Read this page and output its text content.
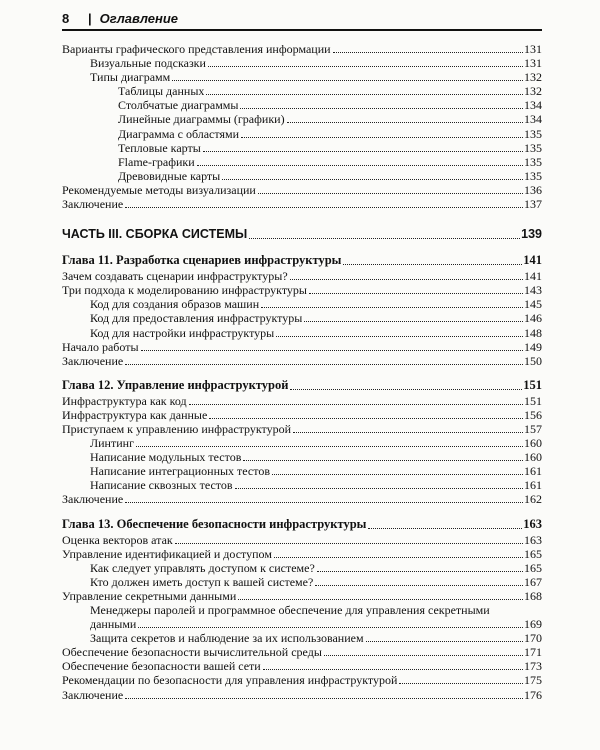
8	| Оглавление
Варианты графического представления информации	131
Визуальные подсказки	131
Типы диаграмм	132
Таблицы данных	132
Столбчатые диаграммы	134
Линейные диаграммы (графики)	134
Диаграмма с областями	135
Тепловые карты	135
Flame-графики	135
Древовидные карты	135
Рекомендуемые методы визуализации	136
Заключение	137
ЧАСТЬ III. СБОРКА СИСТЕМЫ	139
Глава 11. Разработка сценариев инфраструктуры	141
Зачем создавать сценарии инфраструктуры?	141
Три подхода к моделированию инфраструктуры	143
Код для создания образов машин	145
Код для предоставления инфраструктуры	146
Код для настройки инфраструктуры	148
Начало работы	149
Заключение	150
Глава 12. Управление инфраструктурой	151
Инфраструктура как код	151
Инфраструктура как данные	156
Приступаем к управлению инфраструктурой	157
Линтинг	160
Написание модульных тестов	160
Написание интеграционных тестов	161
Написание сквозных тестов	161
Заключение	162
Глава 13. Обеспечение безопасности инфраструктуры	163
Оценка векторов атак	163
Управление идентификацией и доступом	165
Как следует управлять доступом к системе?	165
Кто должен иметь доступ к вашей системе?	167
Управление секретными данными	168
Менеджеры паролей и программное обеспечение для управления секретными
данными	169
Защита секретов и наблюдение за их использованием	170
Обеспечение безопасности вычислительной среды	171
Обеспечение безопасности вашей сети	173
Рекомендации по безопасности для управления инфраструктурой	175
Заключение	176
